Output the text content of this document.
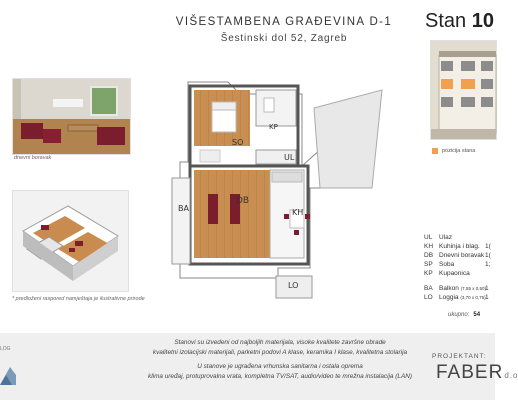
VIŠESTAMBENA GRAĐEVINA D-1
Šestinski dol 52, Zagreb
Stan 10
dnevni boravak
* predloženi raspored namještaja je ilustrativne prirode
pozicija stana
SO
KP
UL
DB
KH
BA
LO
UL	Ulaz
KH Kuhinja i blag. 1(
DB Dnevni boravak 1(
SP Soba	1;
KP Kupaonica
BA Balkon (7,55 x 0,50) 1
LO Loggia (3,70 x 0,75) 1
ukupno: 54
LOG

Stanovi su izvedeni od najboljih materijala, visoke kvalitete završne obrade

kvalitetni izolacijski materijali, parketni podovi A klase, keramika I klase, kvalitetna stolarija

U stanove je ugrađena vrhunska sanitarna i ostala oprema

klima uređaj, protuprovalna vrata, kompletna TV/SAT, audio/video te mrežna instalacija (LAN)

PROJEKTANT:
FABERd.o
